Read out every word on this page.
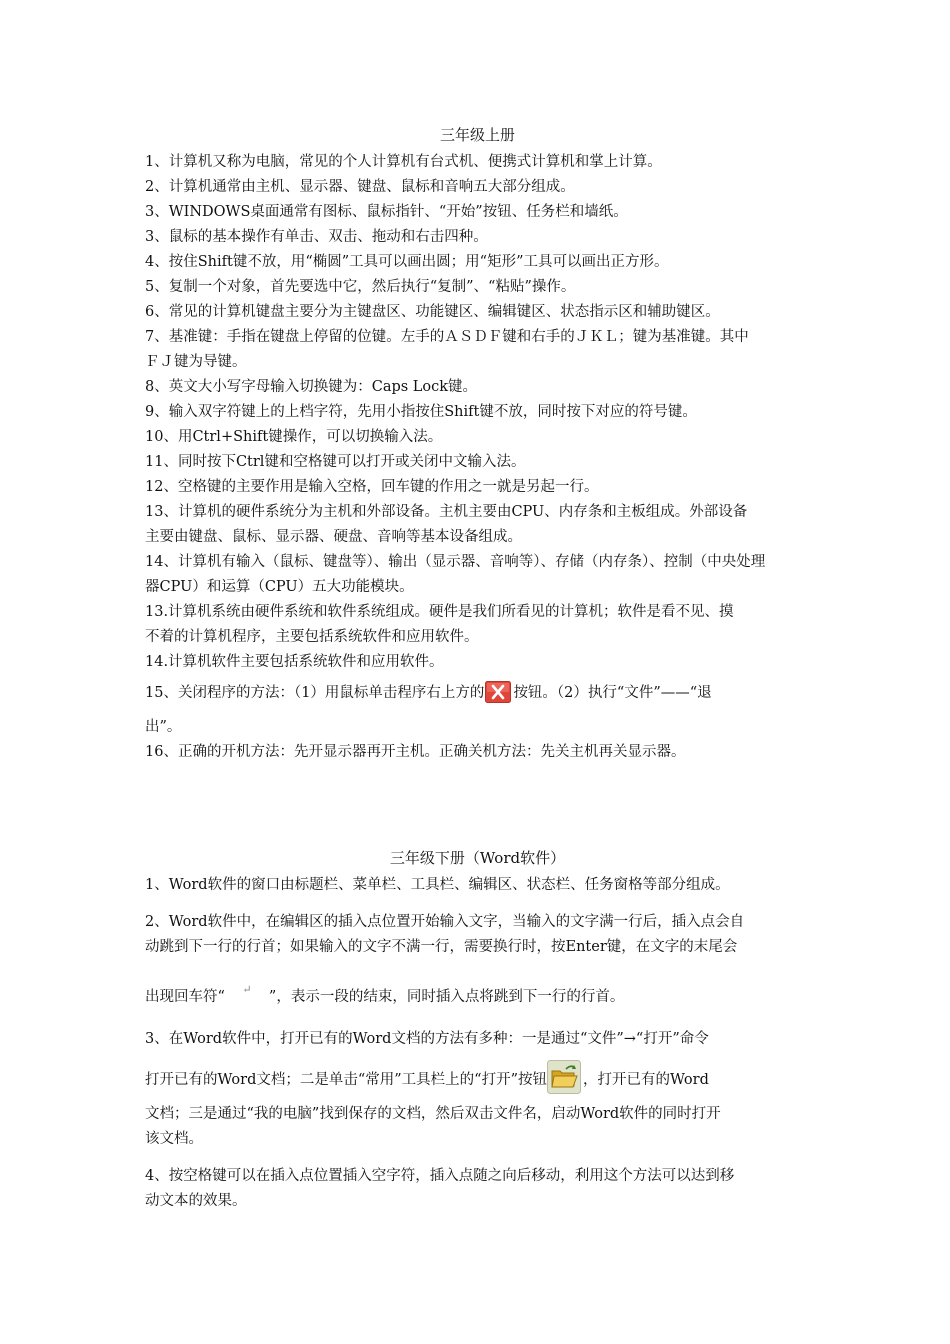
三年级上册
1、计算机又称为电脑，常见的个人计算机有台式机、便携式计算机和掌上计算。
2、计算机通常由主机、显示器、键盘、鼠标和音响五大部分组成。
3、WINDOWS桌面通常有图标、鼠标指针、“开始”按钮、任务栏和墙纸。
3、鼠标的基本操作有单击、双击、拖动和右击四种。
4、按住Shift键不放，用“椭圆”工具可以画出圆；用“矩形”工具可以画出正方形。
5、复制一个对象，首先要选中它，然后执行“复制”、“粘贴”操作。
6、常见的计算机键盘主要分为主键盘区、功能键区、编辑键区、状态指示区和辅助键区。
7、基准键：手指在键盘上停留的位键。左手的ＡＳＤＦ键和右手的ＪＫＬ；键为基准键。其中
ＦＪ键为导键。
8、英文大小写字母输入切换键为：Caps Lock键。
9、输入双字符键上的上档字符，先用小指按住Shift键不放，同时按下对应的符号键。
10、用Ctrl+Shift键操作，可以切换输入法。
11、同时按下Ctrl键和空格键可以打开或关闭中文输入法。
12、空格键的主要作用是输入空格，回车键的作用之一就是另起一行。
13、计算机的硬件系统分为主机和外部设备。主机主要由CPU、内存条和主板组成。外部设备
主要由键盘、鼠标、显示器、硬盘、音响等基本设备组成。
14、计算机有输入（鼠标、键盘等）、输出（显示器、音响等）、存储（内存条）、控制（中央处理
器CPU）和运算（CPU）五大功能模块。
13.计算机系统由硬件系统和软件系统组成。硬件是我们所看见的计算机；软件是看不见、摸
不着的计算机程序，主要包括系统软件和应用软件。
14.计算机软件主要包括系统软件和应用软件。
15、关闭程序的方法：（1）用鼠标单击程序右上方的 按钮。（2）执行“文件”——“退
出”。
16、正确的开机方法：先开显示器再开主机。正确关机方法：先关主机再关显示器。
三年级下册（Word软件）
1、Word软件的窗口由标题栏、菜单栏、工具栏、编辑区、状态栏、任务窗格等部分组成。
2、Word软件中，在编辑区的插入点位置开始输入文字，当输入的文字满一行后，插入点会自
动跳到下一行的行首；如果输入的文字不满一行，需要换行时，按Enter键，在文字的末尾会
出现回车符“ ↵ ”，表示一段的结束，同时插入点将跳到下一行的行首。
3、在Word软件中，打开已有的Word文档的方法有多种：一是通过“文件”→“打开”命令
打开已有的Word文档；二是单击“常用”工具栏上的“打开”按钮 ，打开已有的Word
文档；三是通过“我的电脑”找到保存的文档，然后双击文件名，启动Word软件的同时打开
该文档。
4、按空格键可以在插入点位置插入空字符，插入点随之向后移动，利用这个方法可以达到移
动文本的效果。
